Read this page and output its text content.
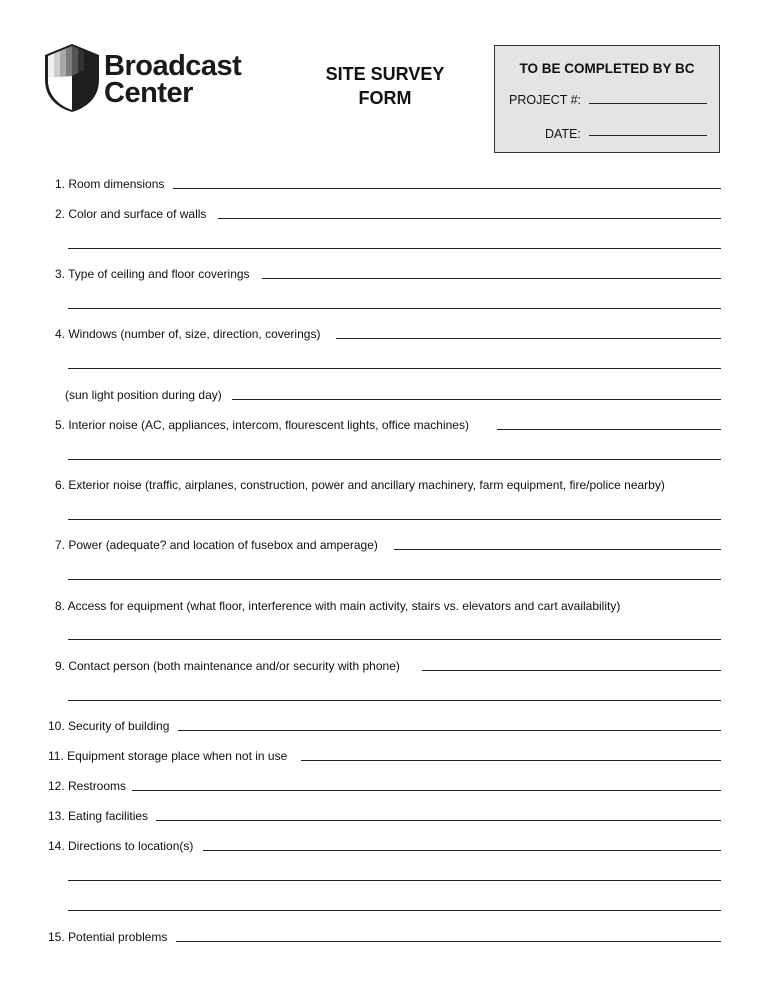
Broadcast
Center
SITE SURVEY
FORM
TO BE COMPLETED BY BC
PROJECT #:
DATE:
1. Room dimensions
2. Color and surface of walls
3. Type of ceiling and floor coverings
4. Windows (number of, size, direction, coverings)
(sun light position during day)
5. Interior noise (AC, appliances, intercom, flourescent lights, office machines)
6. Exterior noise (traffic, airplanes, construction, power and ancillary machinery, farm equipment, fire/police nearby)
7. Power (adequate? and location of fusebox and amperage)
8. Access for equipment (what floor, interference with main activity, stairs vs. elevators and cart availability)
9. Contact person (both maintenance and/or security with phone)
10. Security of building
11. Equipment storage place when not in use
12. Restrooms
13. Eating facilities
14. Directions to location(s)
15. Potential problems
